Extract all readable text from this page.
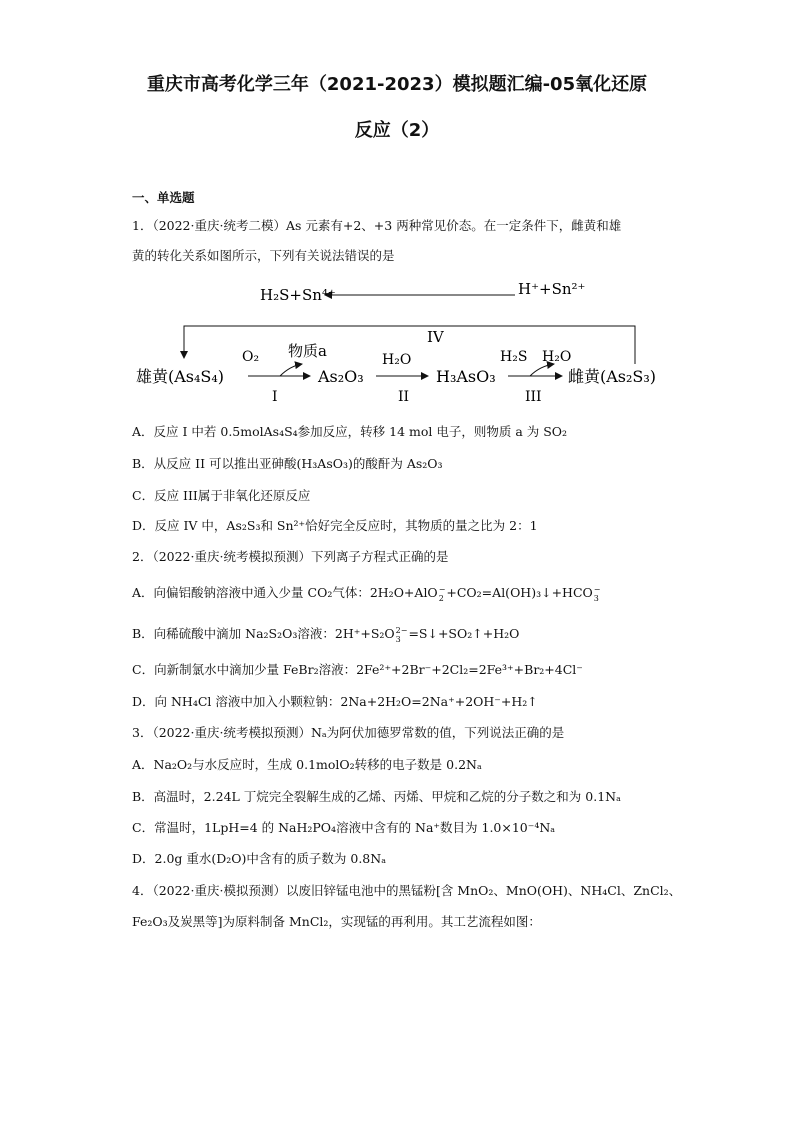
重庆市高考化学三年（2021-2023）模拟题汇编-05氧化还原
反应（2）
一、单选题
1．（2022·重庆·统考二模）As 元素有+2、+3 两种常见价态。在一定条件下，雌黄和雄
黄的转化关系如图所示，下列有关说法错误的是
H₂S+Sn⁴⁺	H⁺+Sn²⁺
IV
雄黄(As₄S₄)
O₂ 物质a
I
As₂O₃
H₂O
II
H₃AsO₃
H₂S H₂O
III
雌黄(As₂S₃)
A．反应 I 中若 0.5molAs₄S₄参加反应，转移 14 mol 电子，则物质 a 为 SO₂
B．从反应 II 可以推出亚砷酸(H₃AsO₃)的酸酐为 As₂O₃
C．反应 III属于非氧化还原反应
D．反应 IV 中，As₂S₃和 Sn²⁺恰好完全反应时，其物质的量之比为 2：1
2．（2022·重庆·统考模拟预测）下列离子方程式正确的是
A．向偏铝酸钠溶液中通入少量 CO₂气体：2H₂O+AlO −
2 +CO₂=Al(OH)₃↓+HCO −
3
B．向稀硫酸中滴加 Na₂S₂O₃溶液：2H⁺+S₂O 2−
3 =S↓+SO₂↑+H₂O
C．向新制氯水中滴加少量 FeBr₂溶液：2Fe²⁺+2Br⁻+2Cl₂=2Fe³⁺+Br₂+4Cl⁻
D．向 NH₄Cl 溶液中加入小颗粒钠：2Na+2H₂O=2Na⁺+2OH⁻+H₂↑
3．（2022·重庆·统考模拟预测）Nₐ为阿伏加德罗常数的值，下列说法正确的是
A．Na₂O₂与水反应时，生成 0.1molO₂转移的电子数是 0.2Nₐ
B．高温时，2.24L 丁烷完全裂解生成的乙烯、丙烯、甲烷和乙烷的分子数之和为 0.1Nₐ
C．常温时，1LpH=4 的 NaH₂PO₄溶液中含有的 Na⁺数目为 1.0×10⁻⁴Nₐ
D．2.0g 重水(D₂O)中含有的质子数为 0.8Nₐ
4．（2022·重庆·模拟预测）以废旧锌锰电池中的黑锰粉[含 MnO₂、MnO(OH)、NH₄Cl、ZnCl₂、
Fe₂O₃及炭黑等]为原料制备 MnCl₂，实现锰的再利用。其工艺流程如图：
